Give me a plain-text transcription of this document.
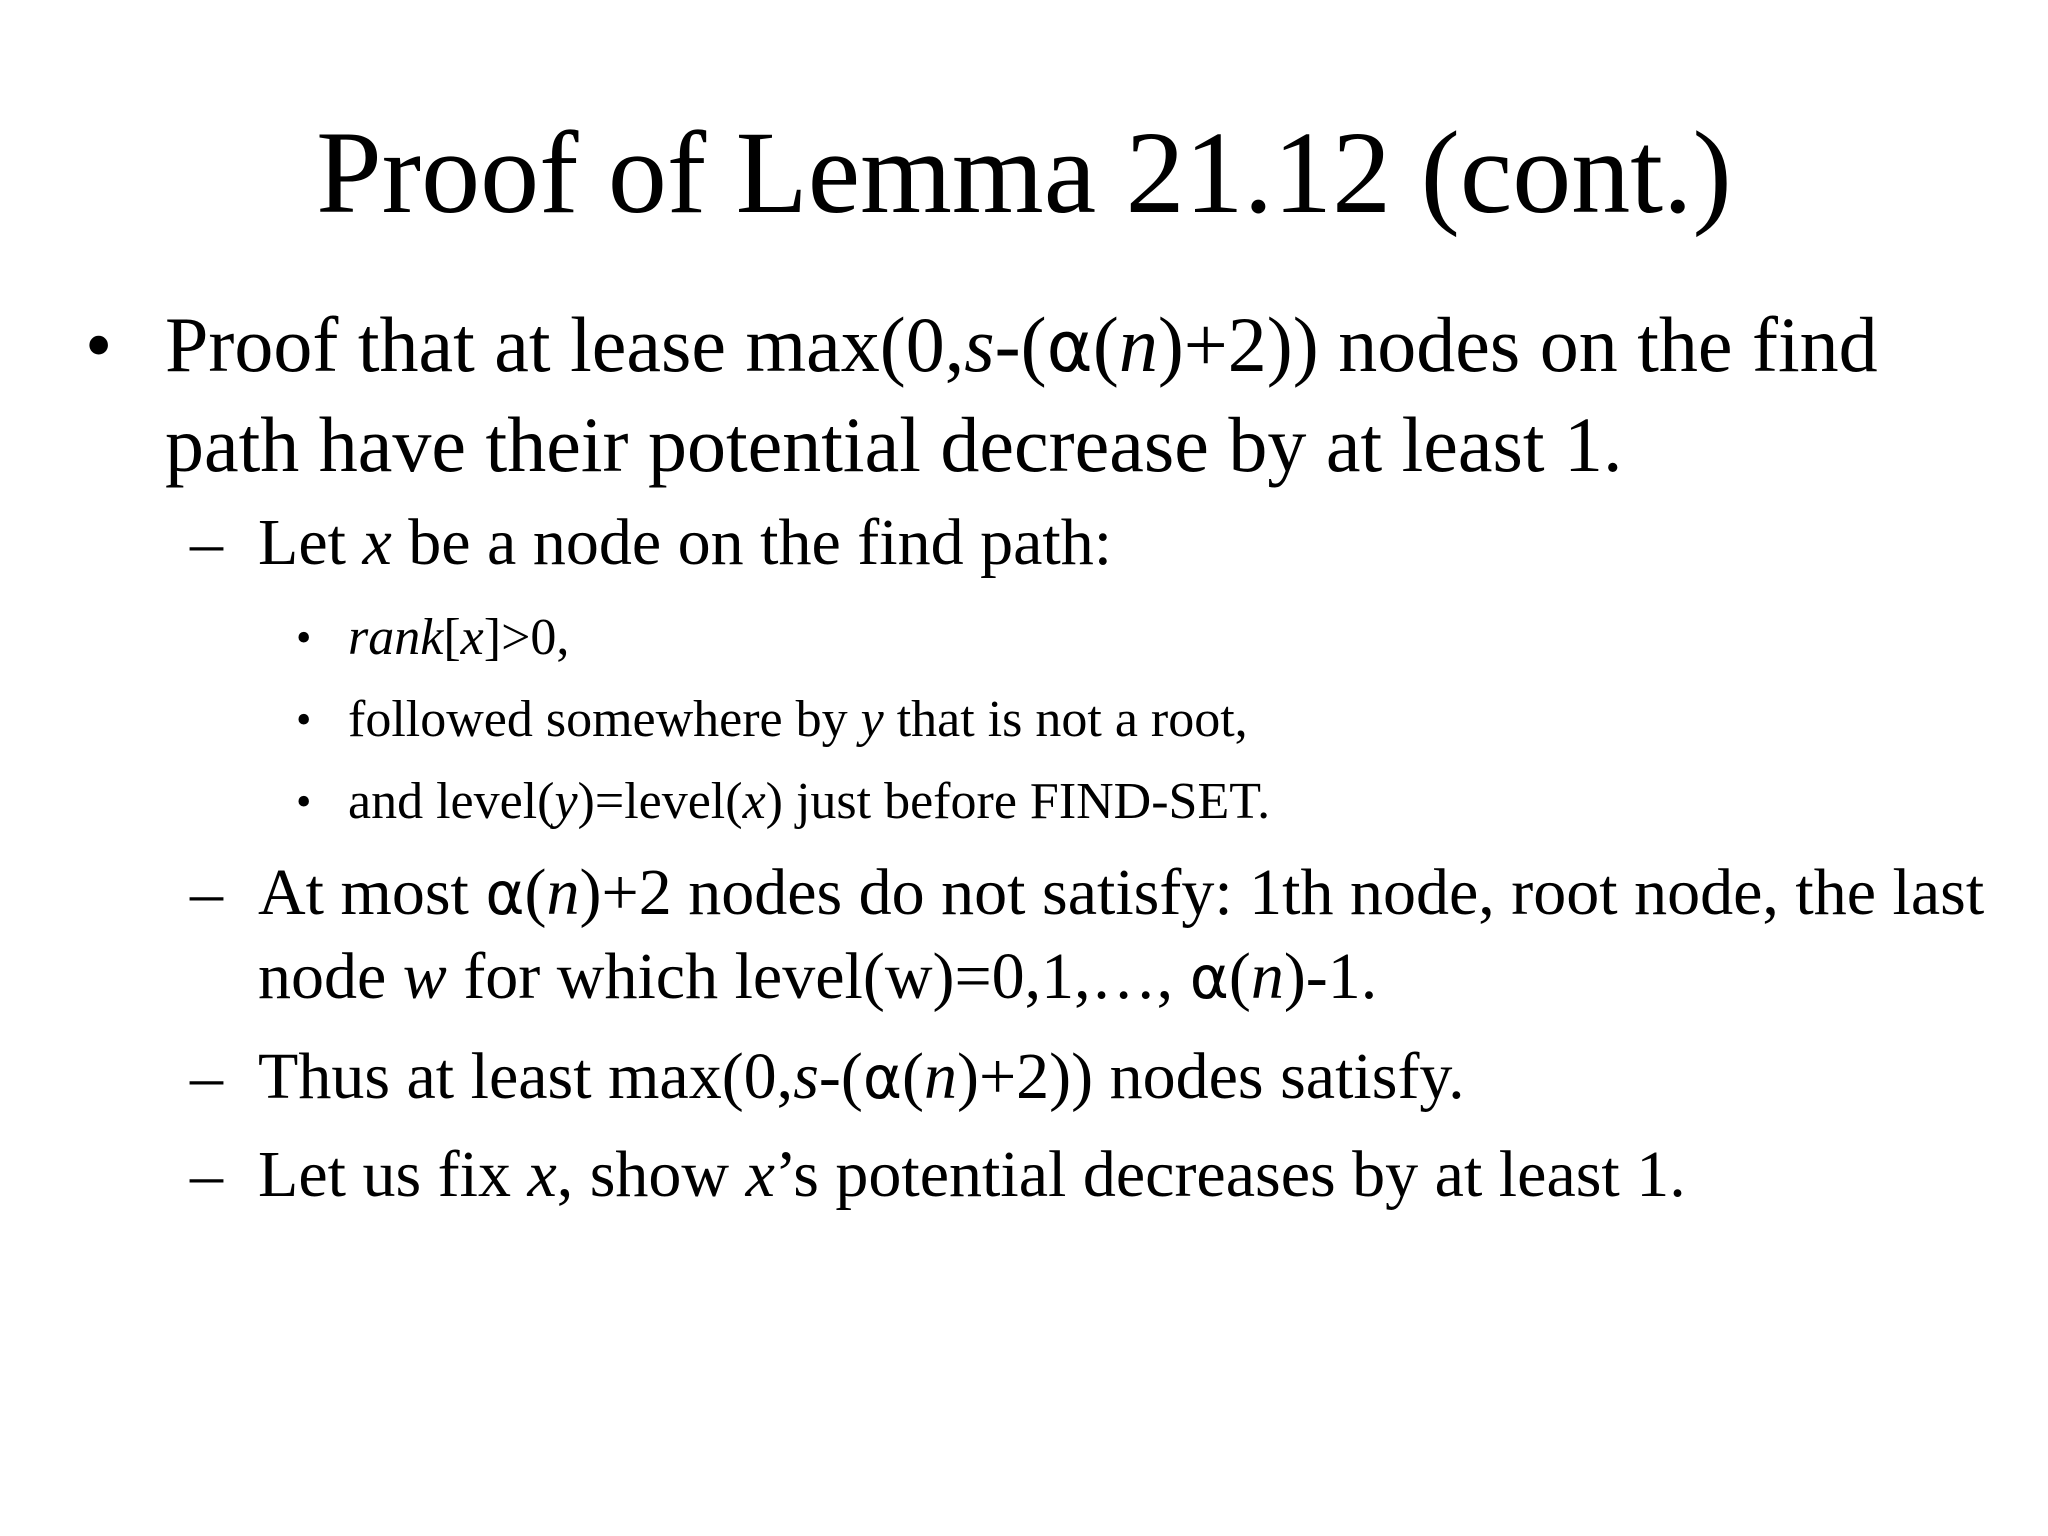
Proof of Lemma 21.12 (cont.)
• Proof that at lease max(0,s-(α(n)+2)) nodes on the find path have their potential decrease by at least 1.
– Let x be a node on the find path:
• rank[x]>0,
• followed somewhere by y that is not a root,
• and level(y)=level(x) just before FIND-SET.
– At most α(n)+2 nodes do not satisfy: 1th node, root node, the last node w for which level(w)=0,1,…, α(n)-1.
– Thus at least max(0,s-(α(n)+2)) nodes satisfy.
– Let us fix x, show x’s potential decreases by at least 1.
